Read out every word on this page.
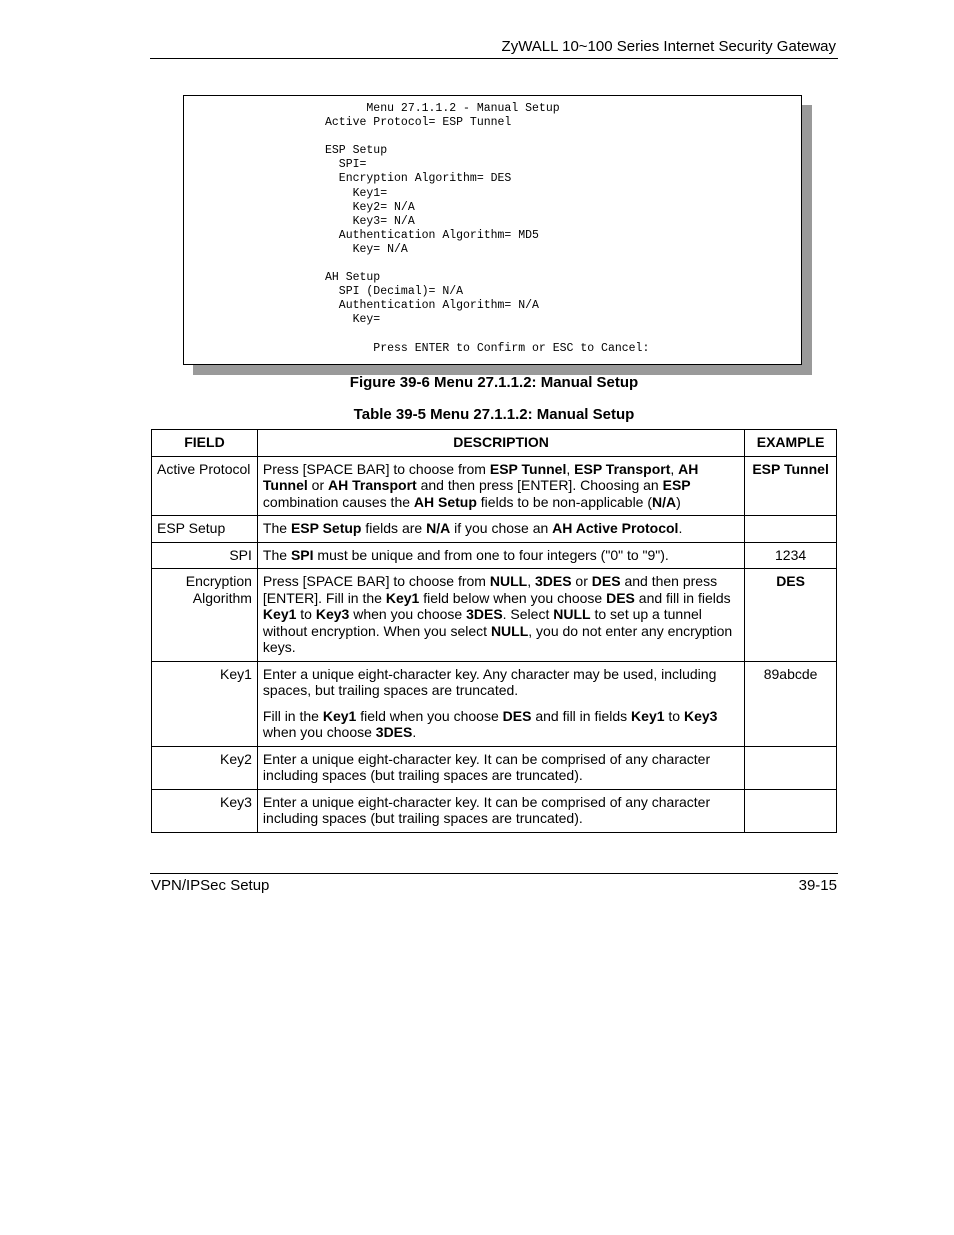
ZyWALL 10~100 Series Internet Security Gateway
Menu 27.1.1.2 - Manual Setup
Active Protocol= ESP Tunnel

ESP Setup
SPI=
Encryption Algorithm= DES
Key1=
Key2= N/A
Key3= N/A
Authentication Algorithm= MD5
Key= N/A

AH Setup
SPI (Decimal)= N/A
Authentication Algorithm= N/A
Key=

Press ENTER to Confirm or ESC to Cancel:
Figure 39-6 Menu 27.1.1.2: Manual Setup
Table 39-5 Menu 27.1.1.2: Manual Setup
FIELD	DESCRIPTION	EXAMPLE
Active Protocol	Press [SPACE BAR] to choose from ESP Tunnel, ESP Transport, AH Tunnel or AH Transport and then press [ENTER]. Choosing an ESP combination causes the AH Setup fields to be non-applicable (N/A)	ESP Tunnel
ESP Setup	The ESP Setup fields are N/A if you chose an AH Active Protocol.	

SPI	The SPI must be unique and from one to four integers ("0" to "9").	1234
Encryption
Algorithm	Press [SPACE BAR] to choose from NULL, 3DES or DES and then press [ENTER]. Fill in the Key1 field below when you choose DES and fill in fields Key1 to Key3 when you choose 3DES. Select NULL to set up a tunnel without encryption. When you select NULL, you do not enter any encryption keys.	DES
Key1	Enter a unique eight-character key. Any character may be used, including spaces, but trailing spaces are truncated.

Fill in the Key1 field when you choose DES and fill in fields Key1 to Key3 when you choose 3DES.	89abcde
Key2	Enter a unique eight-character key. It can be comprised of any character including spaces (but trailing spaces are truncated).	

Key3	Enter a unique eight-character key. It can be comprised of any character including spaces (but trailing spaces are truncated).	

VPN/IPSec Setup	39-15
